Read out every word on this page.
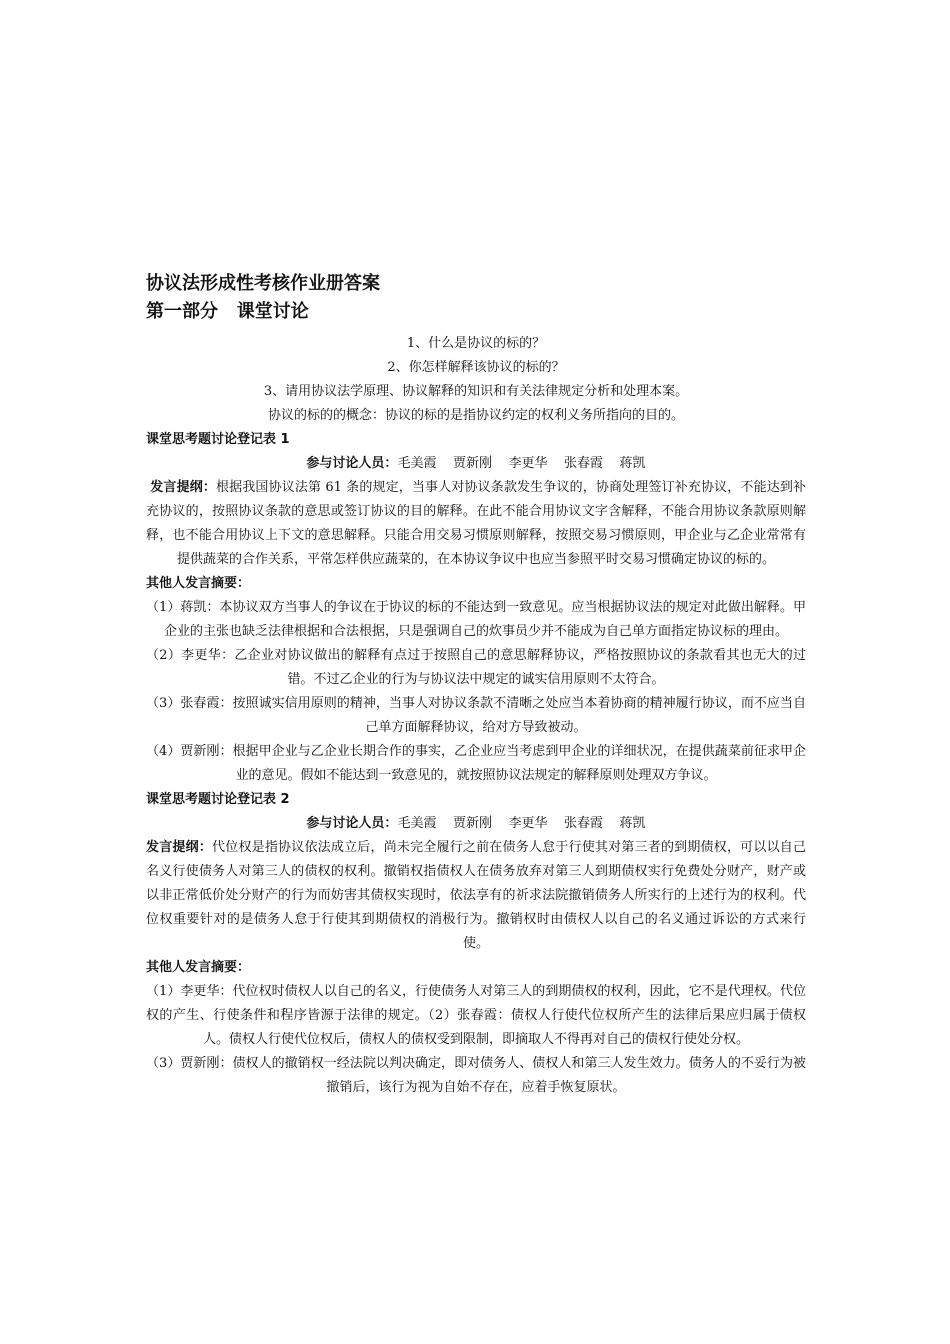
协议法形成性考核作业册答案
第一部分   课堂讨论

1、什么是协议的标的？

2、你怎样解释该协议的标的？

3、请用协议法学原理、协议解释的知识和有关法律规定分析和处理本案。

协议的标的的概念：协议的标的是指协议约定的权利义务所指向的目的。

课堂思考题讨论登记表 1

参与讨论人员：毛美霞    贾新刚    李更华    张春霞    蒋凯

发言提纲：根据我国协议法第 61 条的规定，当事人对协议条款发生争议的，协商处理签订补充协议，不能达到补充协议的，按照协议条款的意思或签订协议的目的解释。在此不能合用协议文字含解释，不能合用协议条款原则解释，也不能合用协议上下文的意思解释。只能合用交易习惯原则解释，按照交易习惯原则，甲企业与乙企业常常有提供蔬菜的合作关系，平常怎样供应蔬菜的，在本协议争议中也应当参照平时交易习惯确定协议的标的。

其他人发言摘要：

（1）蒋凯：本协议双方当事人的争议在于协议的标的不能达到一致意见。应当根据协议法的规定对此做出解释。甲企业的主张也缺乏法律根据和合法根据，只是强调自己的炊事员少并不能成为自己单方面指定协议标的理由。

（2）李更华：乙企业对协议做出的解释有点过于按照自己的意思解释协议，严格按照协议的条款看其也无大的过错。不过乙企业的行为与协议法中规定的诚实信用原则不太符合。

（3）张春霞：按照诚实信用原则的精神，当事人对协议条款不清晰之处应当本着协商的精神履行协议，而不应当自己单方面解释协议，给对方导致被动。

（4）贾新刚：根据甲企业与乙企业长期合作的事实，乙企业应当考虑到甲企业的详细状况，在提供蔬菜前征求甲企业的意见。假如不能达到一致意见的，就按照协议法规定的解释原则处理双方争议。

课堂思考题讨论登记表 2

参与讨论人员：毛美霞    贾新刚    李更华    张春霞    蒋凯

发言提纲：代位权是指协议依法成立后，尚未完全履行之前在债务人怠于行使其对第三者的到期债权，可以以自己名义行使债务人对第三人的债权的权利。撤销权指债权人在债务放弃对第三人到期债权实行免费处分财产，财产或以非正常低价处分财产的行为而妨害其债权实现时，依法享有的祈求法院撤销债务人所实行的上述行为的权利。代位权重要针对的是债务人怠于行使其到期债权的消极行为。撤销权时由债权人以自己的名义通过诉讼的方式来行使。

其他人发言摘要：

（1）李更华：代位权时债权人以自己的名义，行使债务人对第三人的到期债权的权利，因此，它不是代理权。代位权的产生、行使条件和程序皆源于法律的规定。（2）张春霞：债权人行使代位权所产生的法律后果应归属于债权人。债权人行使代位权后，债权人的债权受到限制，即摘取人不得再对自己的债权行使处分权。

（3）贾新刚：债权人的撤销权一经法院以判决确定，即对债务人、债权人和第三人发生效力。债务人的不妥行为被撤销后，该行为视为自始不存在，应着手恢复原状。
